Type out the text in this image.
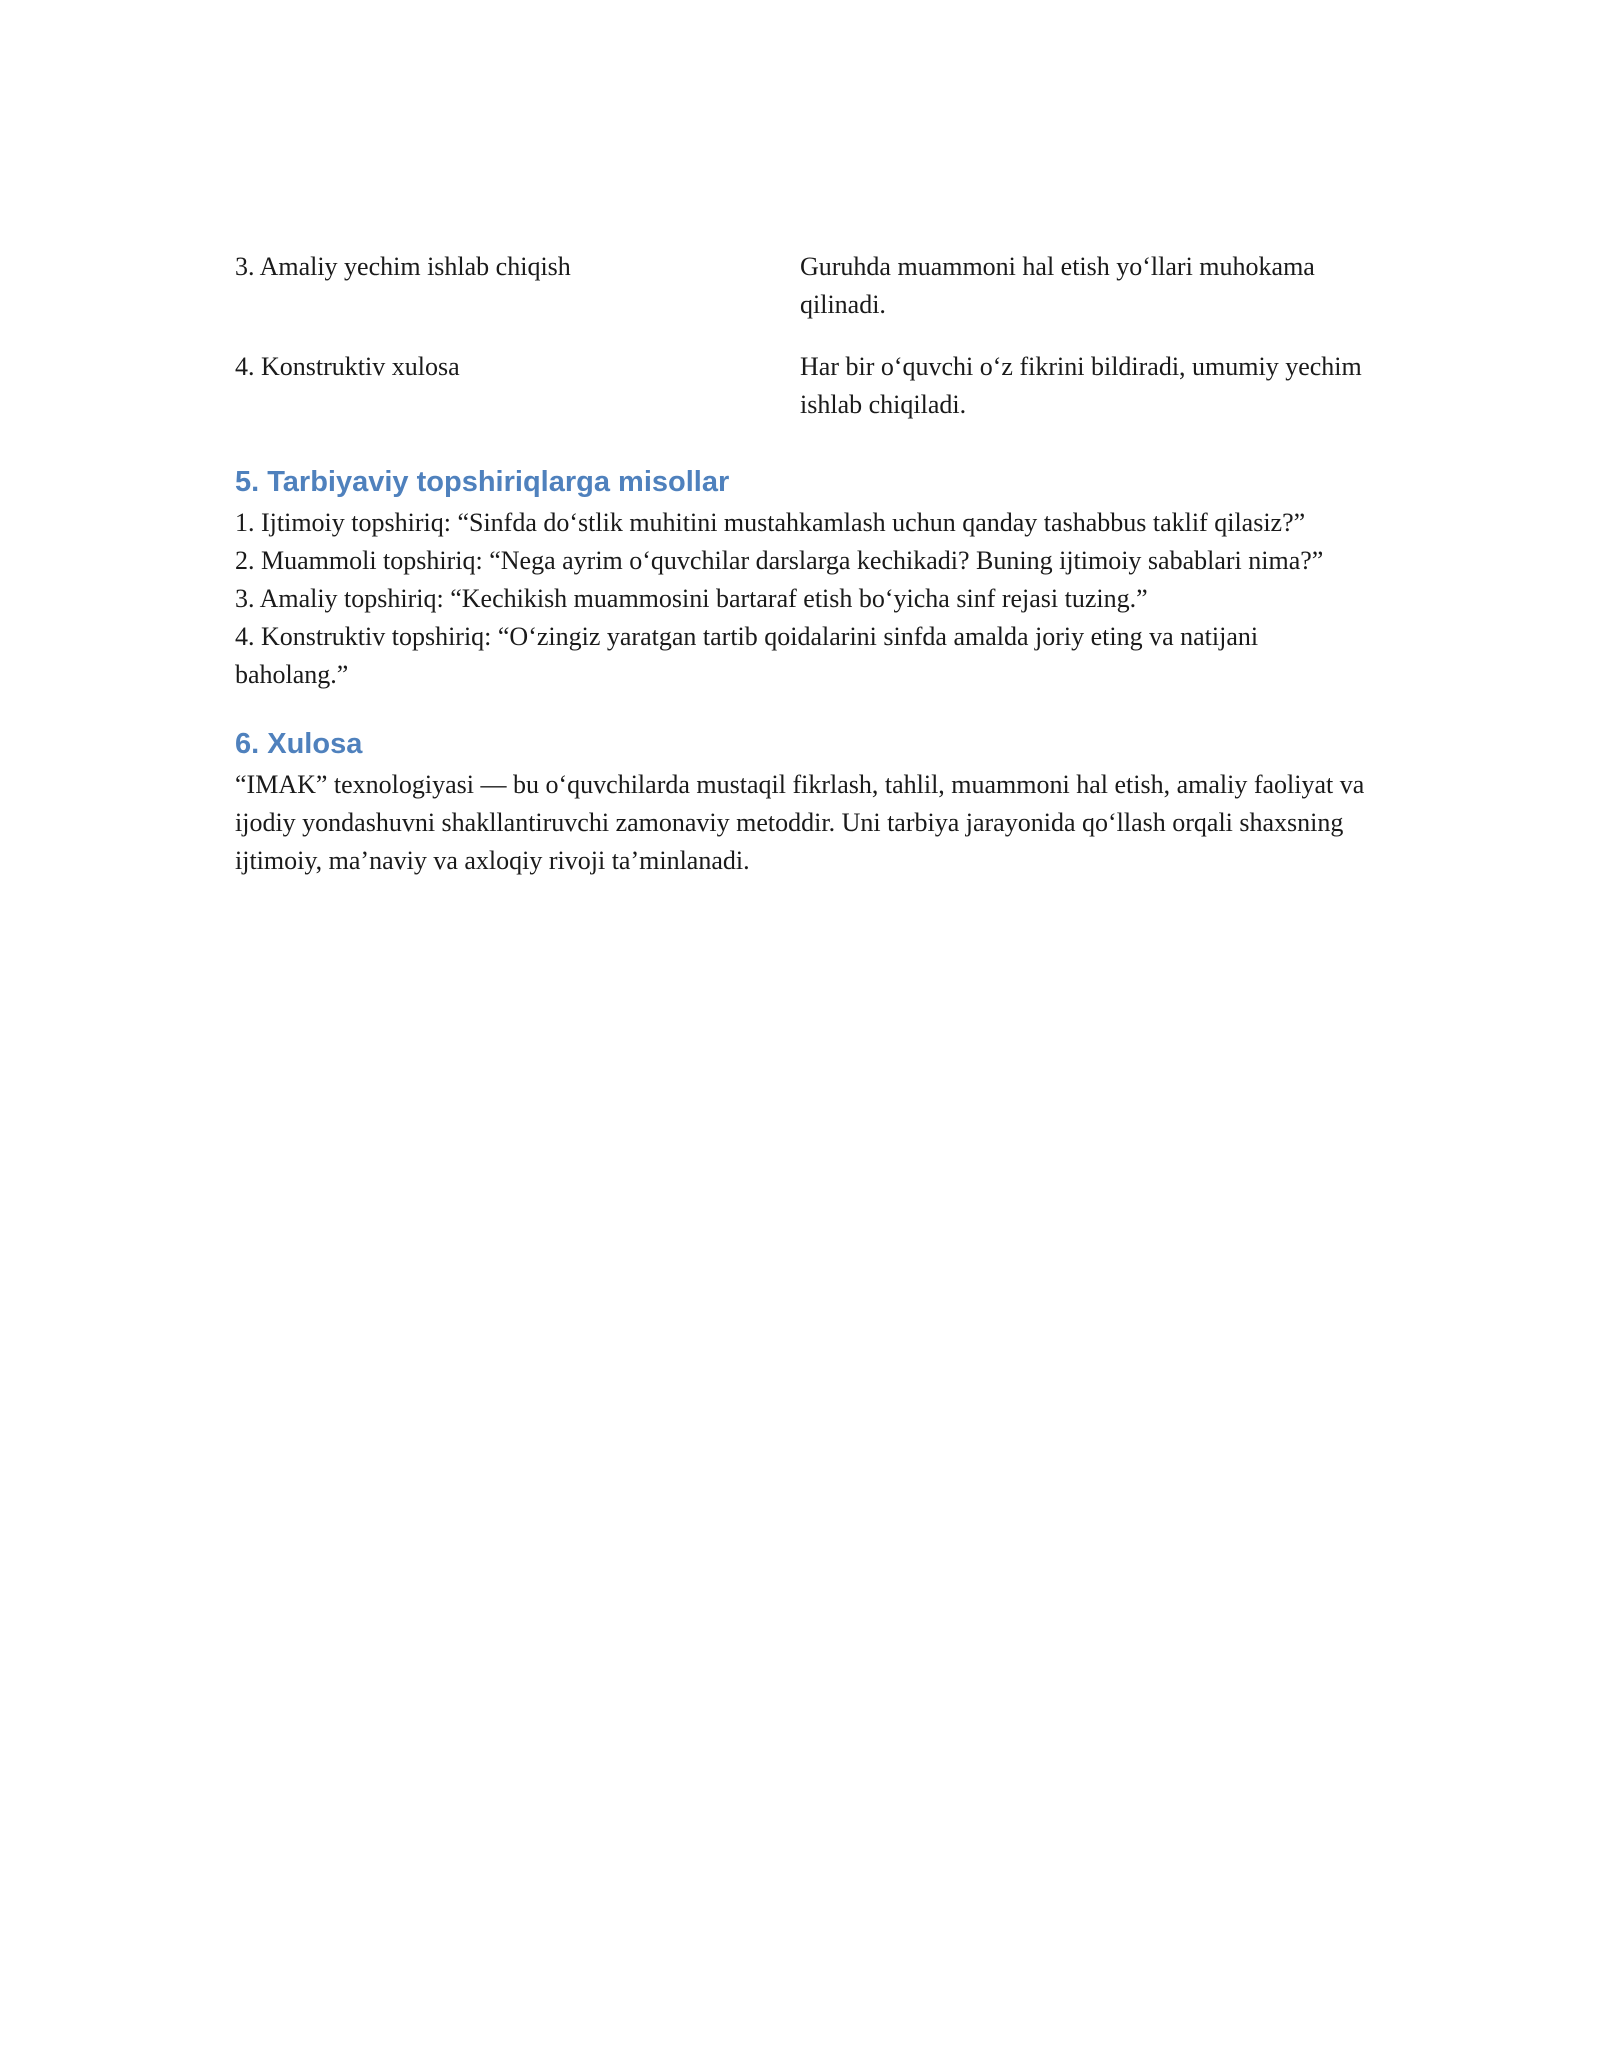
3. Amaliy yechim ishlab chiqish	Guruhda muammoni hal etish yo‘llari muhokama qilinadi.
4. Konstruktiv xulosa	Har bir o‘quvchi o‘z fikrini bildiradi, umumiy yechim ishlab chiqiladi.
5. Tarbiyaviy topshiriqlarga misollar

1. Ijtimoiy topshiriq: “Sinfda do‘stlik muhitini mustahkamlash uchun qanday tashabbus taklif qilasiz?”

2. Muammoli topshiriq: “Nega ayrim o‘quvchilar darslarga kechikadi? Buning ijtimoiy sabablari nima?”

3. Amaliy topshiriq: “Kechikish muammosini bartaraf etish bo‘yicha sinf rejasi tuzing.”

4. Konstruktiv topshiriq: “O‘zingiz yaratgan tartib qoidalarini sinfda amalda joriy eting va natijani baholang.”

6. Xulosa

“IMAK” texnologiyasi — bu o‘quvchilarda mustaqil fikrlash, tahlil, muammoni hal etish, amaliy faoliyat va ijodiy yondashuvni shakllantiruvchi zamonaviy metoddir. Uni tarbiya jarayonida qo‘llash orqali shaxsning ijtimoiy, ma’naviy va axloqiy rivoji ta’minlanadi.
